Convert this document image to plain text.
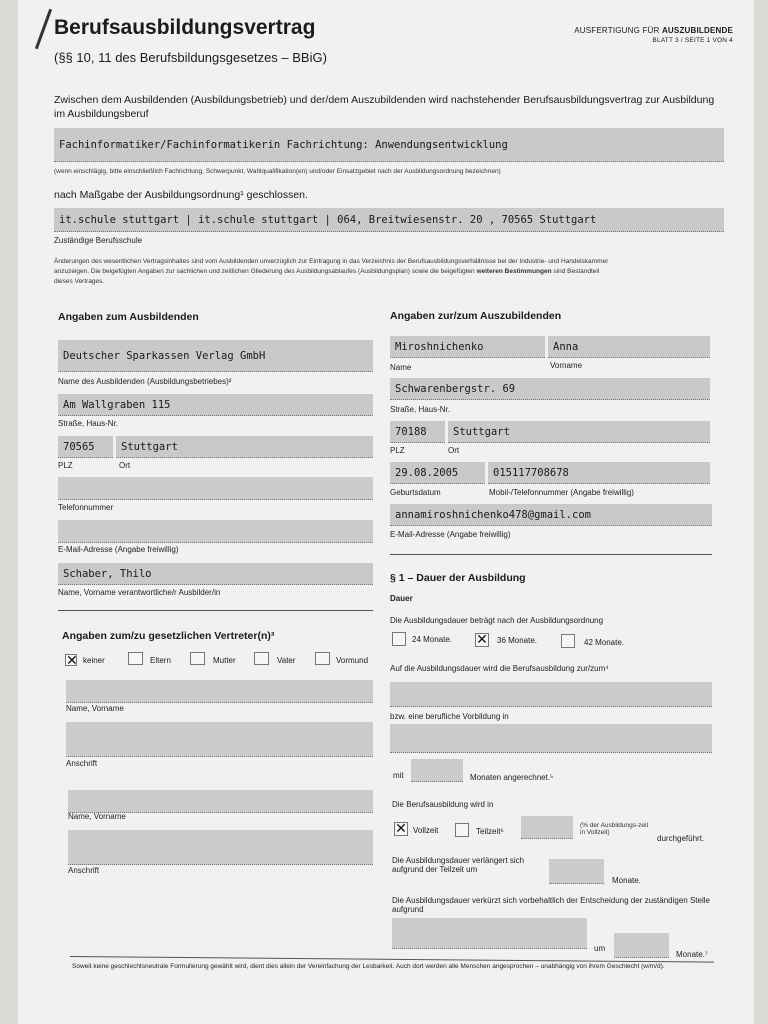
Berufsausbildungsvertrag
(§§ 10, 11 des Berufsbildungsgesetzes – BBiG)
AUSFERTIGUNG FÜR AUSZUBILDENDE
BLATT 3 / SEITE 1 VON 4
Zwischen dem Ausbildenden (Ausbildungsbetrieb) und der/dem Auszubildenden wird nachstehender Berufsausbildungsvertrag zur Ausbildung im Ausbildungsberuf
Fachinformatiker/Fachinformatikerin Fachrichtung: Anwendungsentwicklung
(wenn einschlägig, bitte einschließlich Fachrichtung, Schwerpunkt, Wahlqualifikation(en) und/oder Einsatzgebiet nach der Ausbildungsordnung bezeichnen)
nach Maßgabe der Ausbildungsordnung¹ geschlossen.
it.schule stuttgart | it.schule stuttgart | 064, Breitwiesenstr. 20 , 70565 Stuttgart
Zuständige Berufsschule
Änderungen des wesentlichen Vertragsinhaltes sind vom Ausbildenden unverzüglich zur Eintragung in das Verzeichnis der Berufsausbildungsverhältnisse bei der Industrie- und Handelskammer
anzuzeigen. Die beigefügten Angaben zur sachlichen und zeitlichen Gliederung des Ausbildungsablaufes (Ausbildungsplan) sowie die beigefügten weiteren Bestimmungen sind Bestandteil
dieses Vertrages.
Angaben zum Ausbildenden
Deutscher Sparkassen Verlag GmbH
Name des Ausbildenden (Ausbildungsbetriebes)²
Am Wallgraben 115
Straße, Haus-Nr.
70565	Stuttgart
PLZ	Ort
Telefonnummer
E-Mail-Adresse (Angabe freiwillig)
Schaber, Thilo
Name, Vorname verantwortliche/r Ausbilder/in
Angaben zum/zu gesetzlichen Vertreter(n)³
✕ keiner	Eltern	Mutter	Vater	Vormund
Name, Vorname
Anschrift
Name, Vorname
Anschrift
Angaben zur/zum Auszubildenden
Miroshnichenko	Anna
Name	Vorname
Schwarenbergstr. 69
Straße, Haus-Nr.
70188	Stuttgart
PLZ	Ort
29.08.2005	015117708678
Geburtsdatum	Mobil-/Telefonnummer (Angabe freiwillig)
annamiroshnichenko478@gmail.com
E-Mail-Adresse (Angabe freiwillig)
§ 1 – Dauer der Ausbildung
Dauer
Die Ausbildungsdauer beträgt nach der Ausbildungsordnung
24 Monate. ✕ 36 Monate.	42 Monate.
Auf die Ausbildungsdauer wird die Berufsausbildung zur/zum⁴
bzw. eine berufliche Vorbildung in
mit	Monaten angerechnet.⁵
Die Berufsausbildung wird in
✕ Vollzeit	Teilzeit⁶
(% der Ausbildungs-zeit in Vollzeit)
durchgeführt.
Die Ausbildungsdauer verlängert sich aufgrund der Teilzeit um
Monate.
Die Ausbildungsdauer verkürzt sich vorbehaltlich der Entscheidung der zuständigen Stelle aufgrund
um
Monate.⁷
Soweit keine geschlechtsneutrale Formulierung gewählt wird, dient dies allein der Vereinfachung der Lesbarkeit. Auch dort werden alle Menschen angesprochen – unabhängig von ihrem Geschlecht (w/m/d).
